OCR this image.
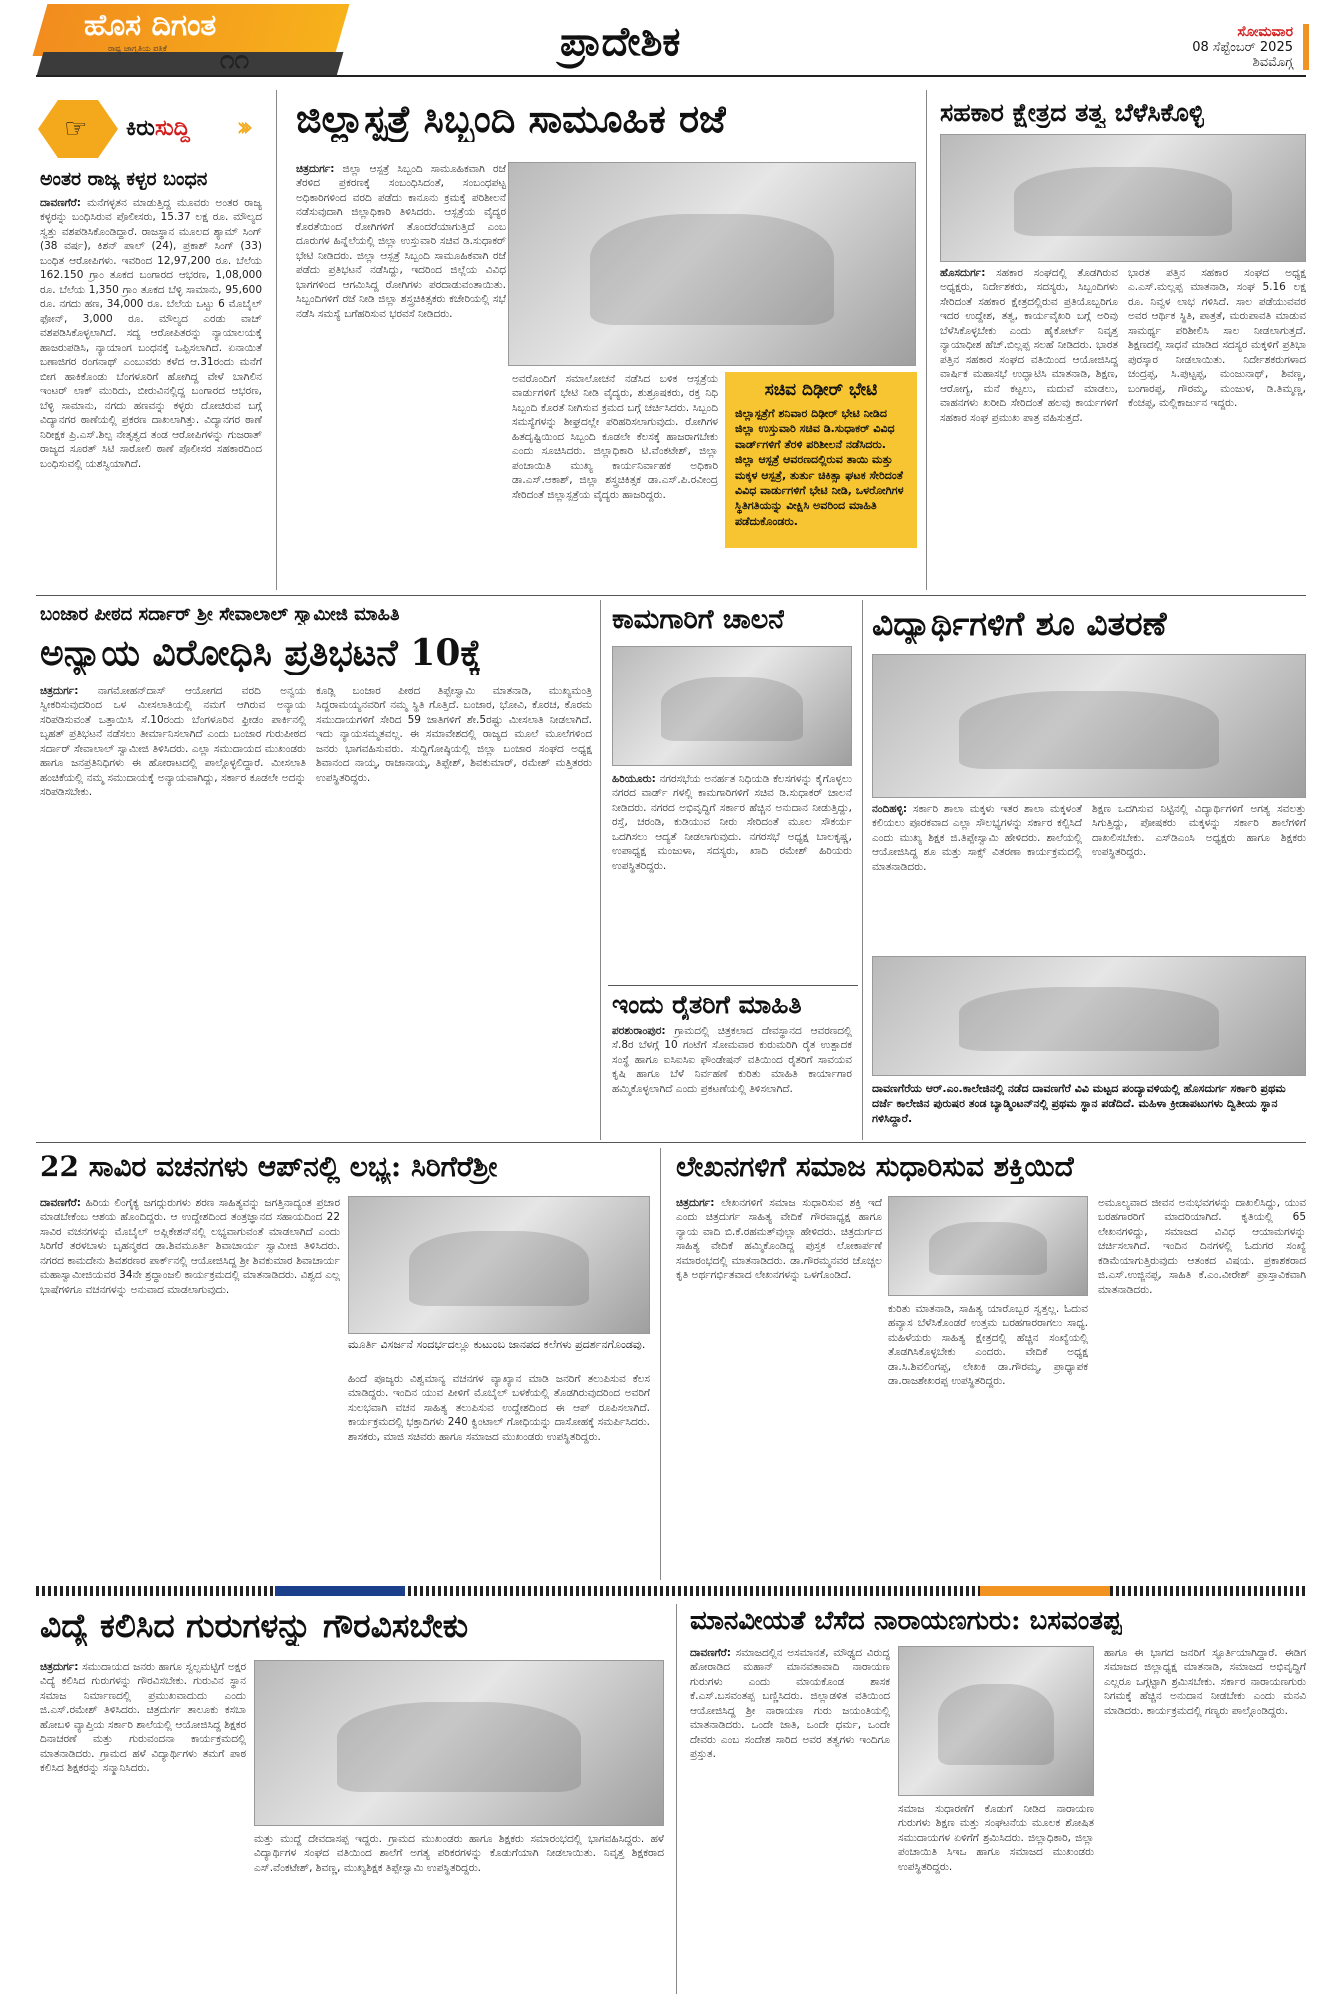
ಹೊಸ ದಿಗಂತ
ರಾಷ್ಟ್ರ ಜಾಗೃತಿಯ ಪತ್ರಿಕೆ ೧೧	ಪ್ರಾದೇಶಿಕ	ಸೋಮವಾರ
08 ಸೆಪ್ಟೆಂಬರ್ 2025
ಶಿವಮೊಗ್ಗ
☞ ಕಿರುಸುದ್ದಿ ›››
ಅಂತರ ರಾಜ್ಯ ಕಳ್ಳರ ಬಂಧನ
ದಾವಣಗೆರೆ: ಮನೆಗಳ್ಳತನ ಮಾಡುತ್ತಿದ್ದ ಮೂವರು ಅಂತರ ರಾಜ್ಯ ಕಳ್ಳರನ್ನು ಬಂಧಿಸಿರುವ ಪೊಲೀಸರು, 15.37 ಲಕ್ಷ ರೂ. ಮೌಲ್ಯದ ಸ್ವತ್ತು ವಶಪಡಿಸಿಕೊಂಡಿದ್ದಾರೆ. ರಾಜಸ್ಥಾನ ಮೂಲದ ಶ್ಯಾಮ್ ಸಿಂಗ್ (38 ವರ್ಷ), ಕಿಶನ್ ಪಾಲ್ (24), ಪ್ರಕಾಶ್ ಸಿಂಗ್ (33) ಬಂಧಿತ ಆರೋಪಿಗಳು. ಇವರಿಂದ 12,97,200 ರೂ. ಬೆಲೆಯ 162.150 ಗ್ರಾಂ ತೂಕದ ಬಂಗಾರದ ಆಭರಣ, 1,08,000 ರೂ. ಬೆಲೆಯ 1,350 ಗ್ರಾಂ ತೂಕದ ಬೆಳ್ಳಿ ಸಾಮಾನು, 95,600 ರೂ. ನಗದು ಹಣ, 34,000 ರೂ. ಬೆಲೆಯ ಒಟ್ಟು 6 ಮೊಬೈಲ್ ಫೋನ್, 3,000 ರೂ. ಮೌಲ್ಯದ ಎರಡು ವಾಚ್ ವಶಪಡಿಸಿಕೊಳ್ಳಲಾಗಿದೆ. ಸದ್ಯ ಆರೋಪಿತರನ್ನು ನ್ಯಾಯಾಲಯಕ್ಕೆ ಹಾಜರುಪಡಿಸಿ, ನ್ಯಾಯಾಂಗ ಬಂಧನಕ್ಕೆ ಒಪ್ಪಿಸಲಾಗಿದೆ. ಏನಾಯಿತೆ ಬಣಾಜಿಗರ ರಂಗನಾಥ್ ಎಂಬುವರು ಕಳೆದ ಆ.31ರಂದು ಮನೆಗೆ ಬೀಗ ಹಾಕಿಕೊಂಡು ಬೆಂಗಳೂರಿಗೆ ಹೋಗಿದ್ದ ವೇಳೆ ಬಾಗಿಲಿನ ಇಂಟರ್ ಲಾಕ್ ಮುರಿದು, ಬೀರುವಿನಲ್ಲಿದ್ದ ಬಂಗಾರದ ಆಭರಣ, ಬೆಳ್ಳಿ ಸಾಮಾನು, ನಗದು ಹಣವನ್ನು ಕಳ್ಳರು ದೋಚಿರುವ ಬಗ್ಗೆ ವಿದ್ಯಾನಗರ ಠಾಣೆಯಲ್ಲಿ ಪ್ರಕರಣ ದಾಖಲಾಗಿತ್ತು. ವಿದ್ಯಾನಗರ ಠಾಣೆ ನಿರೀಕ್ಷಕ ಪ್ರಿ.ಎಸ್.ಶಿಲ್ಪ ನೇತೃತ್ವದ ತಂಡ ಆರೋಪಿಗಳನ್ನು ಗುಜರಾತ್ ರಾಜ್ಯದ ಸೂರತ್ ಸಿಟಿ ಸಾರೋಲಿ ಠಾಣೆ ಪೊಲೀಸರ ಸಹಕಾರದಿಂದ ಬಂಧಿಸುವಲ್ಲಿ ಯಶಸ್ವಿಯಾಗಿದೆ.
ಜಿಲ್ಲಾಸ್ಪತ್ರೆ ಸಿಬ್ಬಂದಿ ಸಾಮೂಹಿಕ ರಜೆ
ಚಿತ್ರದುರ್ಗ: ಜಿಲ್ಲಾ ಆಸ್ಪತ್ರೆ ಸಿಬ್ಬಂದಿ ಸಾಮೂಹಿಕವಾಗಿ ರಜೆ ತೆರಳಿದ ಪ್ರಕರಣಕ್ಕೆ ಸಂಬಂಧಿಸಿದಂತೆ, ಸಂಬಂಧಪಟ್ಟ ಅಧಿಕಾರಿಗಳಿಂದ ವರದಿ ಪಡೆದು ಕಾನೂನು ಕ್ರಮಕ್ಕೆ ಪರಿಶೀಲನೆ ನಡೆಸುವುದಾಗಿ ಜಿಲ್ಲಾಧಿಕಾರಿ ತಿಳಿಸಿದರು. ಆಸ್ಪತ್ರೆಯ ವೈದ್ಯರ ಕೊರತೆಯಿಂದ ರೋಗಿಗಳಿಗೆ ತೊಂದರೆಯಾಗುತ್ತಿದೆ ಎಂಬ ದೂರುಗಳ ಹಿನ್ನೆಲೆಯಲ್ಲಿ ಜಿಲ್ಲಾ ಉಸ್ತುವಾರಿ ಸಚಿವ ಡಿ.ಸುಧಾಕರ್ ಭೇಟಿ ನೀಡಿದರು. ಜಿಲ್ಲಾ ಆಸ್ಪತ್ರೆ ಸಿಬ್ಬಂದಿ ಸಾಮೂಹಿಕವಾಗಿ ರಜೆ ಪಡೆದು ಪ್ರತಿಭಟನೆ ನಡೆಸಿದ್ದು, ಇದರಿಂದ ಜಿಲ್ಲೆಯ ವಿವಿಧ ಭಾಗಗಳಿಂದ ಆಗಮಿಸಿದ್ದ ರೋಗಿಗಳು ಪರದಾಡುವಂತಾಯಿತು. ಸಿಬ್ಬಂದಿಗಳಿಗೆ ರಜೆ ನೀಡಿ ಜಿಲ್ಲಾ ಶಸ್ತ್ರಚಿಕಿತ್ಸಕರು ಕಚೇರಿಯಲ್ಲಿ ಸಭೆ ನಡೆಸಿ ಸಮಸ್ಯೆ ಬಗೆಹರಿಸುವ ಭರವಸೆ ನೀಡಿದರು.
ಅವರೊಂದಿಗೆ ಸಮಾಲೋಚನೆ ನಡೆಸಿದ ಬಳಿಕ ಆಸ್ಪತ್ರೆಯ ವಾರ್ಡುಗಳಿಗೆ ಭೇಟಿ ನೀಡಿ ವೈದ್ಯರು, ಶುಶ್ರೂಷಕರು, ರಕ್ತ ನಿಧಿ ಸಿಬ್ಬಂದಿ ಕೊರತೆ ನೀಗಿಸುವ ಕ್ರಮದ ಬಗ್ಗೆ ಚರ್ಚಿಸಿದರು. ಸಿಬ್ಬಂದಿ ಸಮಸ್ಯೆಗಳನ್ನು ಶೀಘ್ರದಲ್ಲೇ ಪರಿಹರಿಸಲಾಗುವುದು. ರೋಗಿಗಳ ಹಿತದೃಷ್ಟಿಯಿಂದ ಸಿಬ್ಬಂದಿ ಕೂಡಲೇ ಕೆಲಸಕ್ಕೆ ಹಾಜರಾಗಬೇಕು ಎಂದು ಸೂಚಿಸಿದರು. ಜಿಲ್ಲಾಧಿಕಾರಿ ಟಿ.ವೆಂಕಟೇಶ್, ಜಿಲ್ಲಾ ಪಂಚಾಯಿತಿ ಮುಖ್ಯ ಕಾರ್ಯನಿರ್ವಾಹಕ ಅಧಿಕಾರಿ ಡಾ.ಎಸ್.ಆಕಾಶ್, ಜಿಲ್ಲಾ ಶಸ್ತ್ರಚಿಕಿತ್ಸಕ ಡಾ.ಎಸ್.ಪಿ.ರವೀಂದ್ರ ಸೇರಿದಂತೆ ಜಿಲ್ಲಾಸ್ಪತ್ರೆಯ ವೈದ್ಯರು ಹಾಜರಿದ್ದರು.
ಸಚಿವ ದಿಢೀರ್ ಭೇಟಿ
ಜಿಲ್ಲಾಸ್ಪತ್ರೆಗೆ ಶನಿವಾರ ದಿಢೀರ್ ಭೇಟಿ ನೀಡಿದ ಜಿಲ್ಲಾ ಉಸ್ತುವಾರಿ ಸಚಿವ ಡಿ.ಸುಧಾಕರ್ ವಿವಿಧ ವಾರ್ಡ್‌ಗಳಿಗೆ ತೆರಳಿ ಪರಿಶೀಲನೆ ನಡೆಸಿದರು. ಜಿಲ್ಲಾ ಆಸ್ಪತ್ರೆ ಆವರಣದಲ್ಲಿರುವ ತಾಯಿ ಮತ್ತು ಮಕ್ಕಳ ಆಸ್ಪತ್ರೆ, ತುರ್ತು ಚಿಕಿತ್ಸಾ ಘಟಕ ಸೇರಿದಂತೆ ವಿವಿಧ ವಾರ್ಡುಗಳಿಗೆ ಭೇಟಿ ನೀಡಿ, ಒಳರೋಗಿಗಳ ಸ್ಥಿತಿಗತಿಯನ್ನು ವೀಕ್ಷಿಸಿ ಅವರಿಂದ ಮಾಹಿತಿ ಪಡೆದುಕೊಂಡರು.
ಸಹಕಾರ ಕ್ಷೇತ್ರದ ತತ್ವ ಬೆಳೆಸಿಕೊಳ್ಳಿ
ಹೊಸದುರ್ಗ: ಸಹಕಾರ ಸಂಘದಲ್ಲಿ ತೊಡಗಿರುವ ಅಧ್ಯಕ್ಷರು, ನಿರ್ದೇಶಕರು, ಸದಸ್ಯರು, ಸಿಬ್ಬಂದಿಗಳು ಸೇರಿದಂತೆ ಸಹಕಾರ ಕ್ಷೇತ್ರದಲ್ಲಿರುವ ಪ್ರತಿಯೊಬ್ಬರಿಗೂ ಇದರ ಉದ್ದೇಶ, ತತ್ವ, ಕಾರ್ಯವೈಖರಿ ಬಗ್ಗೆ ಅರಿವು ಬೆಳೆಸಿಕೊಳ್ಳಬೇಕು ಎಂದು ಹೈಕೋರ್ಟ್ ನಿವೃತ್ತ ನ್ಯಾಯಾಧೀಶ ಹೆಚ್.ಬಿಲ್ಲಪ್ಪ ಸಲಹೆ ನೀಡಿದರು. ಭಾರತ ಪತ್ತಿನ ಸಹಕಾರ ಸಂಘದ ವತಿಯಿಂದ ಆಯೋಜಿಸಿದ್ದ ವಾರ್ಷಿಕ ಮಹಾಸಭೆ ಉದ್ಘಾಟಿಸಿ ಮಾತನಾಡಿ, ಶಿಕ್ಷಣ, ಆರೋಗ್ಯ, ಮನೆ ಕಟ್ಟಲು, ಮದುವೆ ಮಾಡಲು, ವಾಹನಗಳು ಖರೀದಿ ಸೇರಿದಂತೆ ಹಲವು ಕಾರ್ಯಗಳಿಗೆ ಸಹಕಾರ ಸಂಘ ಪ್ರಮುಖ ಪಾತ್ರ ವಹಿಸುತ್ತದೆ.
ಭಾರತ ಪತ್ತಿನ ಸಹಕಾರ ಸಂಘದ ಅಧ್ಯಕ್ಷ ಎ.ಎಸ್.ಮಲ್ಲಪ್ಪ ಮಾತನಾಡಿ, ಸಂಘ 5.16 ಲಕ್ಷ ರೂ. ನಿವ್ವಳ ಲಾಭ ಗಳಿಸಿದೆ. ಸಾಲ ಪಡೆಯುವವರ ಅವರ ಆರ್ಥಿಕ ಸ್ಥಿತಿ, ಪಾತ್ರತೆ, ಮರುಪಾವತಿ ಮಾಡುವ ಸಾಮರ್ಥ್ಯ ಪರಿಶೀಲಿಸಿ ಸಾಲ ನೀಡಲಾಗುತ್ತದೆ. ಶಿಕ್ಷಣದಲ್ಲಿ ಸಾಧನೆ ಮಾಡಿದ ಸದಸ್ಯರ ಮಕ್ಕಳಿಗೆ ಪ್ರತಿಭಾ ಪುರಸ್ಕಾರ ನೀಡಲಾಯಿತು. ನಿರ್ದೇಶಕರುಗಳಾದ ಚಂದ್ರಪ್ಪ, ಸಿ.ಪುಟ್ಟಪ್ಪ, ಮಂಜುನಾಥ್, ಶಿವಣ್ಣ, ಬಂಗಾರಪ್ಪ, ಗೌರಮ್ಮ, ಮಂಜುಳ, ಡಿ.ತಿಮ್ಮಣ್ಣ, ಕೆಂಚಪ್ಪ, ಮಲ್ಲಿಕಾರ್ಜುನ ಇದ್ದರು.
ಬಂಜಾರ ಪೀಠದ ಸರ್ದಾರ್ ಶ್ರೀ ಸೇವಾಲಾಲ್ ಸ್ವಾಮೀಜಿ ಮಾಹಿತಿ
ಅನ್ಯಾಯ ವಿರೋಧಿಸಿ ಪ್ರತಿಭಟನೆ 10ಕ್ಕೆ
ಚಿತ್ರದುರ್ಗ: ನಾಗಮೋಹನ್‌ದಾಸ್ ಆಯೋಗದ ವರದಿ ಅನ್ವಯ ಸ್ವೀಕರಿಸುವುದರಿಂದ ಒಳ ಮೀಸಲಾತಿಯಲ್ಲಿ ನಮಗೆ ಆಗಿರುವ ಅನ್ಯಾಯ ಸರಿಪಡಿಸುವಂತೆ ಒತ್ತಾಯಿಸಿ ಸೆ.10ರಂದು ಬೆಂಗಳೂರಿನ ಫ್ರೀಡಂ ಪಾರ್ಕಿನಲ್ಲಿ ಬೃಹತ್ ಪ್ರತಿಭಟನೆ ನಡೆಸಲು ತೀರ್ಮಾನಿಸಲಾಗಿದೆ ಎಂದು ಬಂಜಾರ ಗುರುಪೀಠದ ಸರ್ದಾರ್ ಸೇವಾಲಾಲ್ ಸ್ವಾಮೀಜಿ ತಿಳಿಸಿದರು. ಎಲ್ಲಾ ಸಮುದಾಯದ ಮುಖಂಡರು ಹಾಗೂ ಜನಪ್ರತಿನಿಧಿಗಳು ಈ ಹೋರಾಟದಲ್ಲಿ ಪಾಲ್ಗೊಳ್ಳಲಿದ್ದಾರೆ. ಮೀಸಲಾತಿ ಹಂಚಿಕೆಯಲ್ಲಿ ನಮ್ಮ ಸಮುದಾಯಕ್ಕೆ ಅನ್ಯಾಯವಾಗಿದ್ದು, ಸರ್ಕಾರ ಕೂಡಲೇ ಅದನ್ನು ಸರಿಪಡಿಸಬೇಕು.
ಕೂಡ್ಲಿ ಬಂಜಾರ ಪೀಠದ ತಿಪ್ಪೇಸ್ವಾಮಿ ಮಾತನಾಡಿ, ಮುಖ್ಯಮಂತ್ರಿ ಸಿದ್ದರಾಮಯ್ಯನವರಿಗೆ ನಮ್ಮ ಸ್ಥಿತಿ ಗೊತ್ತಿದೆ. ಬಂಜಾರ, ಭೋವಿ, ಕೊರಚ, ಕೊರಮ ಸಮುದಾಯಗಳಿಗೆ ಸೇರಿದ 59 ಜಾತಿಗಳಿಗೆ ಶೇ.5ರಷ್ಟು ಮೀಸಲಾತಿ ನೀಡಲಾಗಿದೆ. ಇದು ನ್ಯಾಯಸಮ್ಮತವಲ್ಲ. ಈ ಸಮಾವೇಶದಲ್ಲಿ ರಾಜ್ಯದ ಮೂಲೆ ಮೂಲೆಗಳಿಂದ ಜನರು ಭಾಗವಹಿಸುವರು. ಸುದ್ದಿಗೋಷ್ಠಿಯಲ್ಲಿ ಜಿಲ್ಲಾ ಬಂಜಾರ ಸಂಘದ ಅಧ್ಯಕ್ಷ ಶಿವಾನಂದ ನಾಯ್ಕ, ರಾಜಾನಾಯ್ಕ, ತಿಪ್ಪೇಶ್, ಶಿವಕುಮಾರ್, ರಮೇಶ್ ಮತ್ತಿತರರು ಉಪಸ್ಥಿತರಿದ್ದರು.
ಕಾಮಗಾರಿಗೆ ಚಾಲನೆ
ಹಿರಿಯೂರು: ನಗರಸಭೆಯ ಅನರ್ಹತ ನಿಧಿಯಡಿ ಕೆಲಸಗಳನ್ನು ಕೈಗೊಳ್ಳಲು ನಗರದ ವಾರ್ಡ್ ಗಳಲ್ಲಿ ಕಾಮಗಾರಿಗಳಿಗೆ ಸಚಿವ ಡಿ.ಸುಧಾಕರ್ ಚಾಲನೆ ನೀಡಿದರು. ನಗರದ ಅಭಿವೃದ್ಧಿಗೆ ಸರ್ಕಾರ ಹೆಚ್ಚಿನ ಅನುದಾನ ನೀಡುತ್ತಿದ್ದು, ರಸ್ತೆ, ಚರಂಡಿ, ಕುಡಿಯುವ ನೀರು ಸೇರಿದಂತೆ ಮೂಲ ಸೌಕರ್ಯ ಒದಗಿಸಲು ಆದ್ಯತೆ ನೀಡಲಾಗುವುದು. ನಗರಸಭೆ ಅಧ್ಯಕ್ಷ ಬಾಲಕೃಷ್ಣ, ಉಪಾಧ್ಯಕ್ಷ ಮಂಜುಳಾ, ಸದಸ್ಯರು, ಖಾದಿ ರಮೇಶ್ ಹಿರಿಯರು ಉಪಸ್ಥಿತರಿದ್ದರು.
ಇಂದು ರೈತರಿಗೆ ಮಾಹಿತಿ
ಪರಶುರಾಂಪುರ: ಗ್ರಾಮದಲ್ಲಿ ಚಿತ್ರಕಲಾದ ದೇವಸ್ಥಾನದ ಆವರಣದಲ್ಲಿ ಸೆ.8ರ ಬೆಳಗ್ಗೆ 10 ಗಂಟೆಗೆ ಸೋಮವಾರ ಕುರುಮರಿಗಿ ರೈತ ಉತ್ಪಾದಕ ಸಂಸ್ಥೆ ಹಾಗೂ ಐಸಿಐಸಿಐ ಫೌಂಡೇಷನ್ ವತಿಯಿಂದ ರೈತರಿಗೆ ಸಾವಯವ ಕೃಷಿ ಹಾಗೂ ಬೆಳೆ ನಿರ್ವಹಣೆ ಕುರಿತು ಮಾಹಿತಿ ಕಾರ್ಯಾಗಾರ ಹಮ್ಮಿಕೊಳ್ಳಲಾಗಿದೆ ಎಂದು ಪ್ರಕಟಣೆಯಲ್ಲಿ ತಿಳಿಸಲಾಗಿದೆ.
ವಿದ್ಯಾರ್ಥಿಗಳಿಗೆ ಶೂ ವಿತರಣೆ
ನಂದಿಹಳ್ಳಿ: ಸರ್ಕಾರಿ ಶಾಲಾ ಮಕ್ಕಳು ಇತರ ಶಾಲಾ ಮಕ್ಕಳಂತೆ ಕಲಿಯಲು ಪೂರಕವಾದ ಎಲ್ಲಾ ಸೌಲಭ್ಯಗಳನ್ನು ಸರ್ಕಾರ ಕಲ್ಪಿಸಿದೆ ಎಂದು ಮುಖ್ಯ ಶಿಕ್ಷಕ ಜಿ.ತಿಪ್ಪೇಸ್ವಾಮಿ ಹೇಳಿದರು. ಶಾಲೆಯಲ್ಲಿ ಆಯೋಜಿಸಿದ್ದ ಶೂ ಮತ್ತು ಸಾಕ್ಸ್ ವಿತರಣಾ ಕಾರ್ಯಕ್ರಮದಲ್ಲಿ ಮಾತನಾಡಿದರು.
ಶಿಕ್ಷಣ ಒದಗಿಸುವ ನಿಟ್ಟಿನಲ್ಲಿ ವಿದ್ಯಾರ್ಥಿಗಳಿಗೆ ಅಗತ್ಯ ಸವಲತ್ತು ಸಿಗುತ್ತಿದ್ದು, ಪೋಷಕರು ಮಕ್ಕಳನ್ನು ಸರ್ಕಾರಿ ಶಾಲೆಗಳಿಗೆ ದಾಖಲಿಸಬೇಕು. ಎಸ್‌ಡಿಎಂಸಿ ಅಧ್ಯಕ್ಷರು ಹಾಗೂ ಶಿಕ್ಷಕರು ಉಪಸ್ಥಿತರಿದ್ದರು.
ದಾವಣಗೆರೆಯ ಆರ್.ಎಂ.ಕಾಲೇಜಿನಲ್ಲಿ ನಡೆದ ದಾವಣಗೆರೆ ವಿವಿ ಮಟ್ಟದ ಪಂದ್ಯಾವಳಿಯಲ್ಲಿ ಹೊಸದುರ್ಗ ಸರ್ಕಾರಿ ಪ್ರಥಮ ದರ್ಜೆ ಕಾಲೇಜಿನ ಪುರುಷರ ತಂಡ ಬ್ಯಾಡ್ಮಿಂಟನ್‌ನಲ್ಲಿ ಪ್ರಥಮ ಸ್ಥಾನ ಪಡೆದಿದೆ. ಮಹಿಳಾ ಕ್ರೀಡಾಪಟುಗಳು ದ್ವಿತೀಯ ಸ್ಥಾನ ಗಳಿಸಿದ್ದಾರೆ.
22 ಸಾವಿರ ವಚನಗಳು ಆಪ್‌ನಲ್ಲಿ ಲಭ್ಯ: ಸಿರಿಗೆರೆಶ್ರೀ
ದಾವಣಗೆರೆ: ಹಿರಿಯ ಲಿಂಗೈಕ್ಯ ಜಗದ್ಗುರುಗಳು ಶರಣ ಸಾಹಿತ್ಯವನ್ನು ಜಗತ್ತಿನಾದ್ಯಂತ ಪ್ರಚಾರ ಮಾಡಬೇಕೆಂಬ ಆಶಯ ಹೊಂದಿದ್ದರು. ಆ ಉದ್ದೇಶದಿಂದ ತಂತ್ರಜ್ಞಾನದ ಸಹಾಯದಿಂದ 22 ಸಾವಿರ ವಚನಗಳನ್ನು ಮೊಬೈಲ್ ಅಪ್ಲಿಕೇಶನ್‌ನಲ್ಲಿ ಲಭ್ಯವಾಗುವಂತೆ ಮಾಡಲಾಗಿದೆ ಎಂದು ಸಿರಿಗೆರೆ ತರಳಬಾಳು ಬೃಹನ್ಮಠದ ಡಾ.ಶಿವಮೂರ್ತಿ ಶಿವಾಚಾರ್ಯ ಸ್ವಾಮೀಜಿ ತಿಳಿಸಿದರು. ನಗರದ ಕಾಮದೇನು ಶಿವಶರಣರ ಪಾರ್ಕ್‌ನಲ್ಲಿ ಆಯೋಜಿಸಿದ್ದ ಶ್ರೀ ಶಿವಕುಮಾರ ಶಿವಾಚಾರ್ಯ ಮಹಾಸ್ವಾಮೀಜಿಯವರ 34ನೇ ಶ್ರದ್ಧಾಂಜಲಿ ಕಾರ್ಯಕ್ರಮದಲ್ಲಿ ಮಾತನಾಡಿದರು. ವಿಶ್ವದ ಎಲ್ಲ ಭಾಷೆಗಳಿಗೂ ವಚನಗಳನ್ನು ಅನುವಾದ ಮಾಡಲಾಗುವುದು.
ಮೂರ್ತಿ ವಿಸರ್ಜನೆ ಸಂದರ್ಭದಲ್ಲೂ ಕುಟುಂಬ ಜಾನಪದ ಕಲೆಗಳು ಪ್ರದರ್ಶನಗೊಂಡವು.
ಹಿಂದೆ ಪೂಜ್ಯರು ವಿಶ್ವಮಾನ್ಯ ವಚನಗಳ ವ್ಯಾಖ್ಯಾನ ಮಾಡಿ ಜನರಿಗೆ ತಲುಪಿಸುವ ಕೆಲಸ ಮಾಡಿದ್ದರು. ಇಂದಿನ ಯುವ ಪೀಳಿಗೆ ಮೊಬೈಲ್ ಬಳಕೆಯಲ್ಲಿ ತೊಡಗಿರುವುದರಿಂದ ಅವರಿಗೆ ಸುಲಭವಾಗಿ ವಚನ ಸಾಹಿತ್ಯ ತಲುಪಿಸುವ ಉದ್ದೇಶದಿಂದ ಈ ಆಪ್ ರೂಪಿಸಲಾಗಿದೆ. ಕಾರ್ಯಕ್ರಮದಲ್ಲಿ ಭಕ್ತಾದಿಗಳು 240 ಕ್ವಿಂಟಾಲ್ ಗೋಧಿಯನ್ನು ದಾಸೋಹಕ್ಕೆ ಸಮರ್ಪಿಸಿದರು. ಶಾಸಕರು, ಮಾಜಿ ಸಚಿವರು ಹಾಗೂ ಸಮಾಜದ ಮುಖಂಡರು ಉಪಸ್ಥಿತರಿದ್ದರು.
ಲೇಖನಗಳಿಗೆ ಸಮಾಜ ಸುಧಾರಿಸುವ ಶಕ್ತಿಯಿದೆ
ಚಿತ್ರದುರ್ಗ: ಲೇಖನಗಳಿಗೆ ಸಮಾಜ ಸುಧಾರಿಸುವ ಶಕ್ತಿ ಇದೆ ಎಂದು ಚಿತ್ರದುರ್ಗ ಸಾಹಿತ್ಯ ವೇದಿಕೆ ಗೌರವಾಧ್ಯಕ್ಷ ಹಾಗೂ ನ್ಯಾಯ ವಾದಿ ಬಿ.ಕೆ.ರಹಮತ್‌ವುಲ್ಲಾ ಹೇಳಿದರು. ಚಿತ್ರದುರ್ಗದ ಸಾಹಿತ್ಯ ವೇದಿಕೆ ಹಮ್ಮಿಕೊಂಡಿದ್ದ ಪುಸ್ತಕ ಲೋಕಾರ್ಪಣೆ ಸಮಾರಂಭದಲ್ಲಿ ಮಾತನಾಡಿದರು. ಡಾ.ಗೌರಮ್ಮನವರ ಚೊಚ್ಚಲ ಕೃತಿ ಅರ್ಥಗರ್ಭಿತವಾದ ಲೇಖನಗಳನ್ನು ಒಳಗೊಂಡಿದೆ.
ಕುರಿತು ಮಾತನಾಡಿ, ಸಾಹಿತ್ಯ ಯಾರೊಬ್ಬರ ಸ್ವತ್ತಲ್ಲ. ಓದುವ ಹವ್ಯಾಸ ಬೆಳೆಸಿಕೊಂಡರೆ ಉತ್ತಮ ಬರಹಗಾರರಾಗಲು ಸಾಧ್ಯ. ಮಹಿಳೆಯರು ಸಾಹಿತ್ಯ ಕ್ಷೇತ್ರದಲ್ಲಿ ಹೆಚ್ಚಿನ ಸಂಖ್ಯೆಯಲ್ಲಿ ತೊಡಗಿಸಿಕೊಳ್ಳಬೇಕು ಎಂದರು. ವೇದಿಕೆ ಅಧ್ಯಕ್ಷ ಡಾ.ಸಿ.ಶಿವಲಿಂಗಪ್ಪ, ಲೇಖಕಿ ಡಾ.ಗೌರಮ್ಮ, ಪ್ರಾಧ್ಯಾಪಕ ಡಾ.ರಾಜಶೇಖರಪ್ಪ ಉಪಸ್ಥಿತರಿದ್ದರು.
ಅಮೂಲ್ಯವಾದ ಜೀವನ ಅನುಭವಗಳನ್ನು ದಾಖಲಿಸಿದ್ದು, ಯುವ ಬರಹಗಾರರಿಗೆ ಮಾದರಿಯಾಗಿದೆ. ಕೃತಿಯಲ್ಲಿ 65 ಲೇಖನಗಳಿದ್ದು, ಸಮಾಜದ ವಿವಿಧ ಆಯಾಮಗಳನ್ನು ಚರ್ಚಿಸಲಾಗಿದೆ. ಇಂದಿನ ದಿನಗಳಲ್ಲಿ ಓದುಗರ ಸಂಖ್ಯೆ ಕಡಿಮೆಯಾಗುತ್ತಿರುವುದು ಆತಂಕದ ವಿಷಯ. ಪ್ರಕಾಶಕರಾದ ಜಿ.ಎಸ್.ಉಜ್ಜಿನಪ್ಪ, ಸಾಹಿತಿ ಕೆ.ಎಂ.ವೀರೇಶ್ ಪ್ರಾಸ್ತಾವಿಕವಾಗಿ ಮಾತನಾಡಿದರು.
ವಿದ್ಯೆ ಕಲಿಸಿದ ಗುರುಗಳನ್ನು ಗೌರವಿಸಬೇಕು
ಚಿತ್ರದುರ್ಗ: ಸಮುದಾಯದ ಜನರು ಹಾಗೂ ಸ್ವಲ್ಪಮಟ್ಟಿಗೆ ಅಕ್ಷರ ವಿದ್ಯೆ ಕಲಿಸಿದ ಗುರುಗಳನ್ನು ಗೌರವಿಸಬೇಕು. ಗುರುವಿನ ಸ್ಥಾನ ಸಮಾಜ ನಿರ್ಮಾಣದಲ್ಲಿ ಪ್ರಮುಖವಾದುದು ಎಂದು ಜಿ.ಎಸ್.ರಮೇಶ್ ತಿಳಿಸಿದರು. ಚಿತ್ರದುರ್ಗ ತಾಲೂಕು ಕಸಬಾ ಹೋಬಳಿ ವ್ಯಾಪ್ತಿಯ ಸರ್ಕಾರಿ ಶಾಲೆಯಲ್ಲಿ ಆಯೋಜಿಸಿದ್ದ ಶಿಕ್ಷಕರ ದಿನಾಚರಣೆ ಮತ್ತು ಗುರುವಂದನಾ ಕಾರ್ಯಕ್ರಮದಲ್ಲಿ ಮಾತನಾಡಿದರು. ಗ್ರಾಮದ ಹಳೆ ವಿದ್ಯಾರ್ಥಿಗಳು ತಮಗೆ ಪಾಠ ಕಲಿಸಿದ ಶಿಕ್ಷಕರನ್ನು ಸನ್ಮಾನಿಸಿದರು.
ಮತ್ತು ಮುದ್ದೆ ದೇವದಾಸಪ್ಪ ಇದ್ದರು. ಗ್ರಾಮದ ಮುಖಂಡರು ಹಾಗೂ ಶಿಕ್ಷಕರು ಸಮಾರಂಭದಲ್ಲಿ ಭಾಗವಹಿಸಿದ್ದರು. ಹಳೆ ವಿದ್ಯಾರ್ಥಿಗಳ ಸಂಘದ ವತಿಯಿಂದ ಶಾಲೆಗೆ ಅಗತ್ಯ ಪರಿಕರಗಳನ್ನು ಕೊಡುಗೆಯಾಗಿ ನೀಡಲಾಯಿತು. ನಿವೃತ್ತ ಶಿಕ್ಷಕರಾದ ಎಸ್.ವೆಂಕಟೇಶ್, ಶಿವಣ್ಣ, ಮುಖ್ಯಶಿಕ್ಷಕ ತಿಪ್ಪೇಸ್ವಾಮಿ ಉಪಸ್ಥಿತರಿದ್ದರು.
ಮಾನವೀಯತೆ ಬೆಸೆದ ನಾರಾಯಣಗುರು: ಬಸವಂತಪ್ಪ
ದಾವಣಗೆರೆ: ಸಮಾಜದಲ್ಲಿನ ಅಸಮಾನತೆ, ಮೌಢ್ಯದ ವಿರುದ್ಧ ಹೋರಾಡಿದ ಮಹಾನ್ ಮಾನವತಾವಾದಿ ನಾರಾಯಣ ಗುರುಗಳು ಎಂದು ಮಾಯಕೊಂಡ ಶಾಸಕ ಕೆ.ಎಸ್.ಬಸವಂತಪ್ಪ ಬಣ್ಣಿಸಿದರು. ಜಿಲ್ಲಾಡಳಿತ ವತಿಯಿಂದ ಆಯೋಜಿಸಿದ್ದ ಶ್ರೀ ನಾರಾಯಣ ಗುರು ಜಯಂತಿಯಲ್ಲಿ ಮಾತನಾಡಿದರು. ಒಂದೇ ಜಾತಿ, ಒಂದೇ ಧರ್ಮ, ಒಂದೇ ದೇವರು ಎಂಬ ಸಂದೇಶ ಸಾರಿದ ಅವರ ತತ್ವಗಳು ಇಂದಿಗೂ ಪ್ರಸ್ತುತ.
ಸಮಾಜ ಸುಧಾರಣೆಗೆ ಕೊಡುಗೆ ನೀಡಿದ ನಾರಾಯಣ ಗುರುಗಳು ಶಿಕ್ಷಣ ಮತ್ತು ಸಂಘಟನೆಯ ಮೂಲಕ ಶೋಷಿತ ಸಮುದಾಯಗಳ ಏಳಿಗೆಗೆ ಶ್ರಮಿಸಿದರು. ಜಿಲ್ಲಾಧಿಕಾರಿ, ಜಿಲ್ಲಾ ಪಂಚಾಯಿತಿ ಸಿಇಒ ಹಾಗೂ ಸಮಾಜದ ಮುಖಂಡರು ಉಪಸ್ಥಿತರಿದ್ದರು.
ಹಾಗೂ ಈ ಭಾಗದ ಜನರಿಗೆ ಸ್ಫೂರ್ತಿಯಾಗಿದ್ದಾರೆ. ಈಡಿಗ ಸಮಾಜದ ಜಿಲ್ಲಾಧ್ಯಕ್ಷ ಮಾತನಾಡಿ, ಸಮಾಜದ ಅಭಿವೃದ್ಧಿಗೆ ಎಲ್ಲರೂ ಒಗ್ಗಟ್ಟಾಗಿ ಶ್ರಮಿಸಬೇಕು. ಸರ್ಕಾರ ನಾರಾಯಣಗುರು ನಿಗಮಕ್ಕೆ ಹೆಚ್ಚಿನ ಅನುದಾನ ನೀಡಬೇಕು ಎಂದು ಮನವಿ ಮಾಡಿದರು. ಕಾರ್ಯಕ್ರಮದಲ್ಲಿ ಗಣ್ಯರು ಪಾಲ್ಗೊಂಡಿದ್ದರು.
